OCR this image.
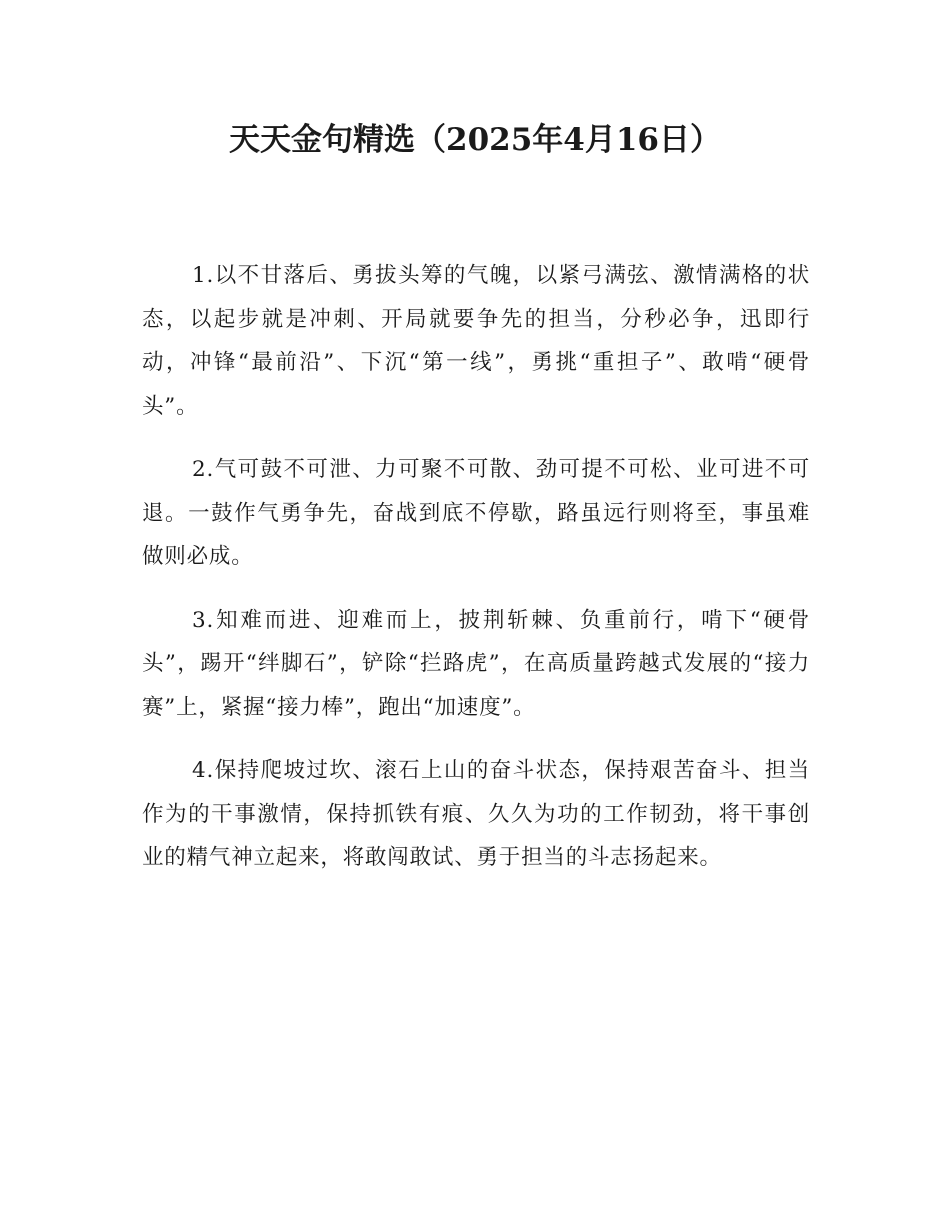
天天金句精选（2025年4月16日）

1.以不甘落后、勇拔头筹的气魄，以紧弓满弦、激情满格的状态，以起步就是冲刺、开局就要争先的担当，分秒必争，迅即行动，冲锋“最前沿”、下沉“第一线”，勇挑“重担子”、敢啃“硬骨头”。

2.气可鼓不可泄、力可聚不可散、劲可提不可松、业可进不可退。一鼓作气勇争先，奋战到底不停歇，路虽远行则将至，事虽难做则必成。

3.知难而进、迎难而上，披荆斩棘、负重前行，啃下“硬骨头”，踢开“绊脚石”，铲除“拦路虎”，在高质量跨越式发展的“接力赛”上，紧握“接力棒”，跑出“加速度”。

4.保持爬坡过坎、滚石上山的奋斗状态，保持艰苦奋斗、担当作为的干事激情，保持抓铁有痕、久久为功的工作韧劲，将干事创业的精气神立起来，将敢闯敢试、勇于担当的斗志扬起来。
